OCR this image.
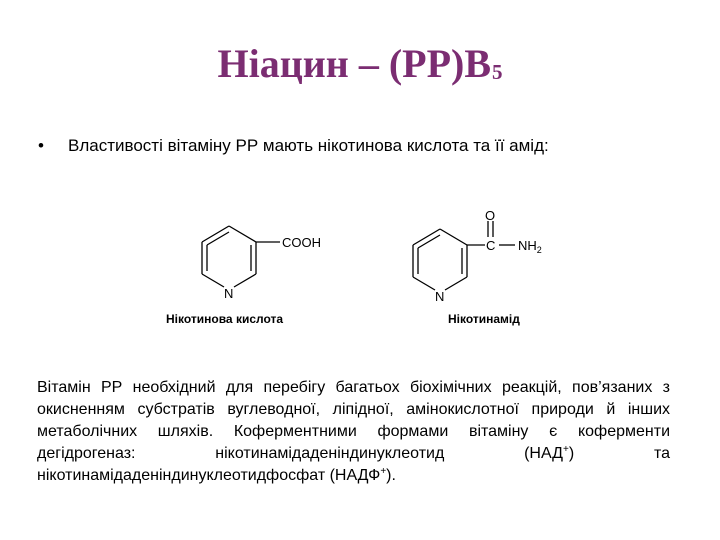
Ніацин – (РР)В5
• Властивості вітаміну РР мають нікотинова кислота та її амід:
COOH
N
Нікотинова кислота
O
C $NH_2$
N
Нікотинамід
Вітамін РР необхідний для перебігу багатьох біохімічних реакцій, пов’язаних з окисненням субстратів вуглеводної, ліпідної, амінокислотної природи й інших метаболічних шляхів. Коферментними формами вітаміну є коферменти дегідрогеназ: нікотинамідаденіндинуклеотид (НАД+) та нікотинамідаденіндинуклеотидфосфат (НАДФ+).
